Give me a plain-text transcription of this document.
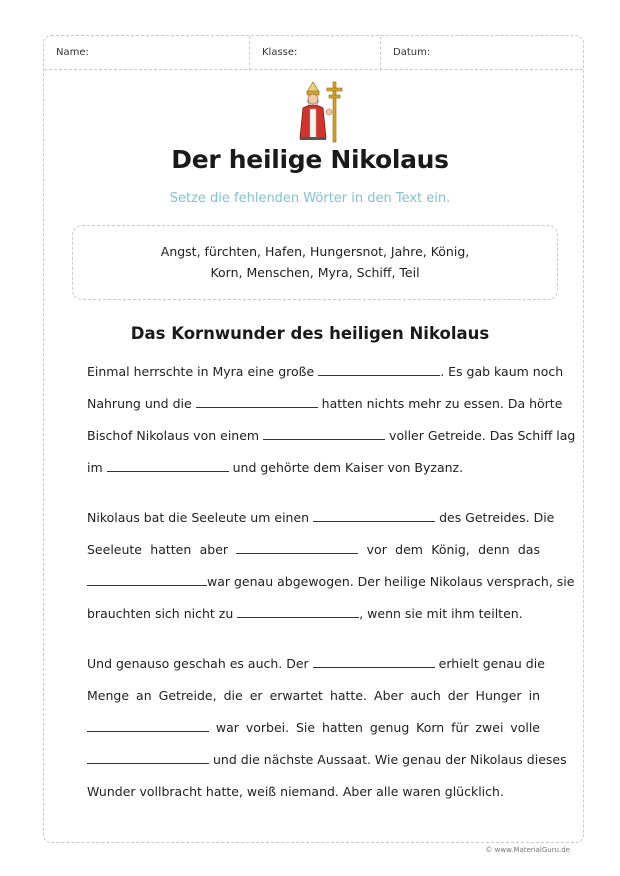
Name:	Klasse:	Datum:
Der heilige Nikolaus
Setze die fehlenden Wörter in den Text ein.
Angst, fürchten, Hafen, Hungersnot, Jahre, König,
Korn, Menschen, Myra, Schiff, Teil
Das Kornwunder des heiligen Nikolaus
Einmal herrschte in Myra eine große	. Es gab kaum noch
Nahrung und die	hatten nichts mehr zu essen. Da hörte
Bischof Nikolaus von einem	voller Getreide. Das Schiff lag
im	und gehörte dem Kaiser von Byzanz.
Nikolaus bat die Seeleute um einen	des Getreides. Die
Seeleute hatten aber	vor dem König, denn das
war genau abgewogen. Der heilige Nikolaus versprach, sie
brauchten sich nicht zu	, wenn sie mit ihm teilten.
Und genauso geschah es auch. Der	erhielt genau die
Menge an Getreide, die er erwartet hatte. Aber auch der Hunger in
war vorbei. Sie hatten genug Korn für zwei volle
und die nächste Aussaat. Wie genau der Nikolaus dieses
Wunder vollbracht hatte, weiß niemand. Aber alle waren glücklich.
© www.MaterialGuru.de
